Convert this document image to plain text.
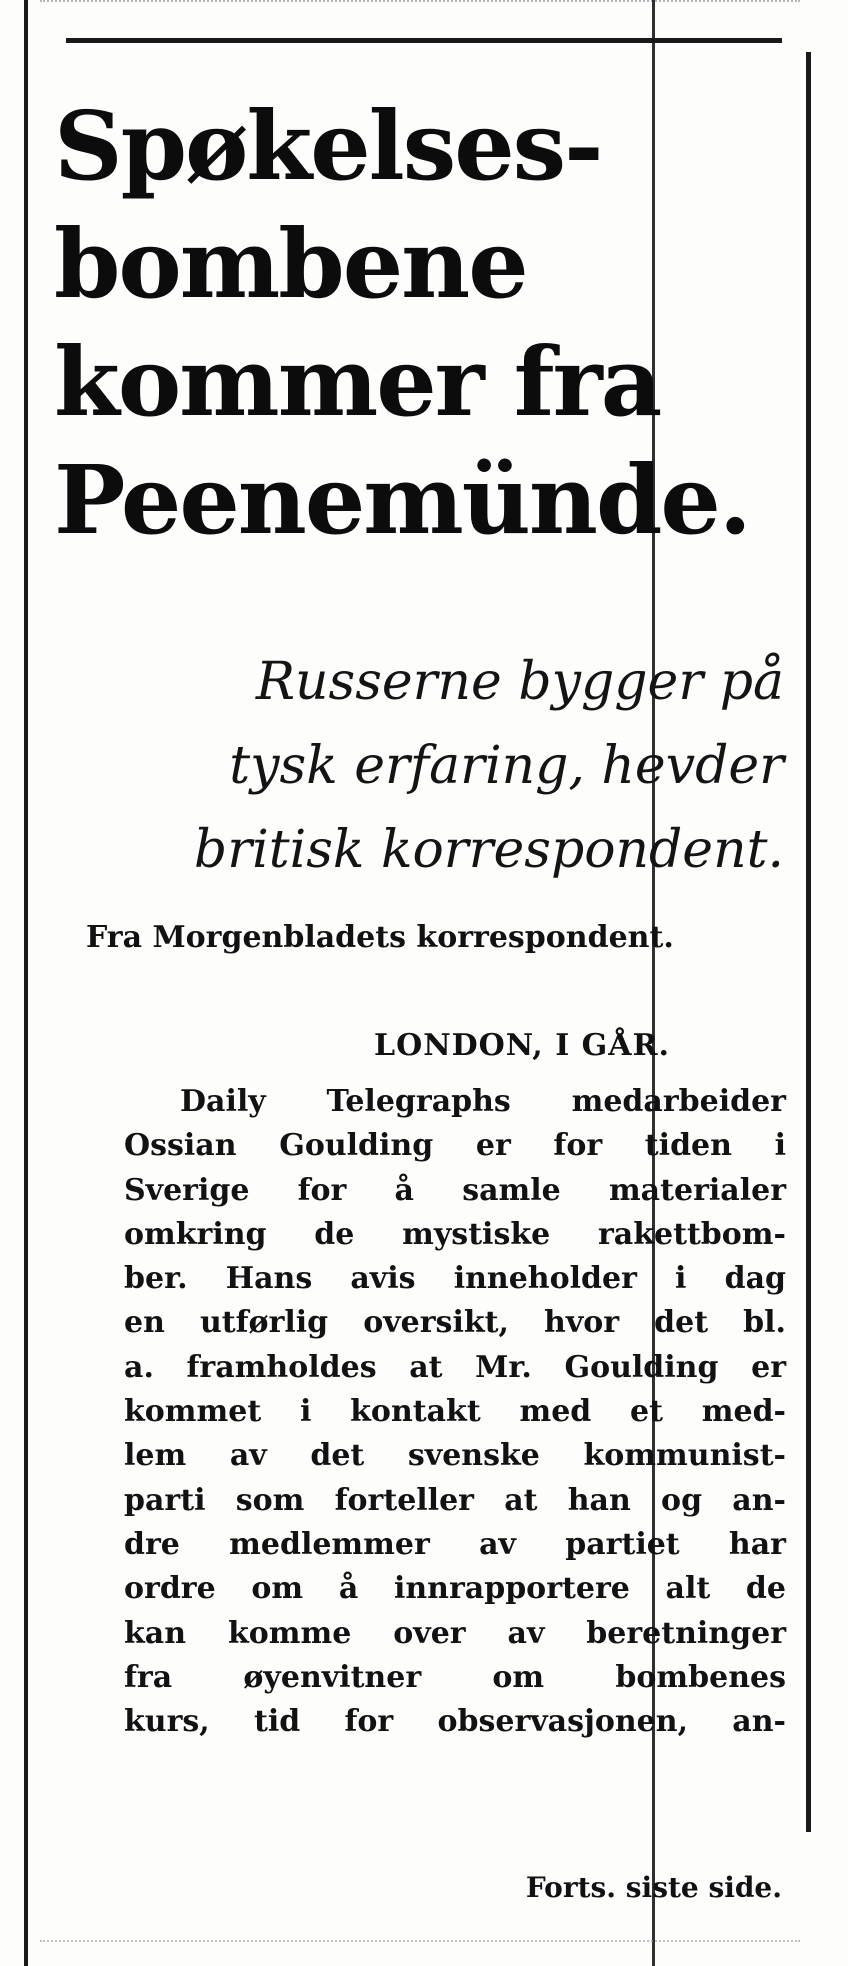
Spøkelses-
bombene
kommer fra
Peenemünde.
Russerne bygger på
tysk erfaring, hevder
britisk korrespondent.
Fra Morgenbladets korrespondent.
LONDON, I GÅR.
Daily Telegraphs medarbeider
Ossian Goulding er for tiden i
Sverige for å samle materialer
omkring de mystiske rakettbom-
ber. Hans avis inneholder i dag
en utførlig oversikt, hvor det bl.
a. framholdes at Mr. Goulding er
kommet i kontakt med et med-
lem av det svenske kommunist-
parti som forteller at han og an-
dre medlemmer av partiet har
ordre om å innrapportere alt de
kan komme over av beretninger
fra øyenvitner om bombenes
kurs, tid for observasjonen, an-
Forts. siste side.
